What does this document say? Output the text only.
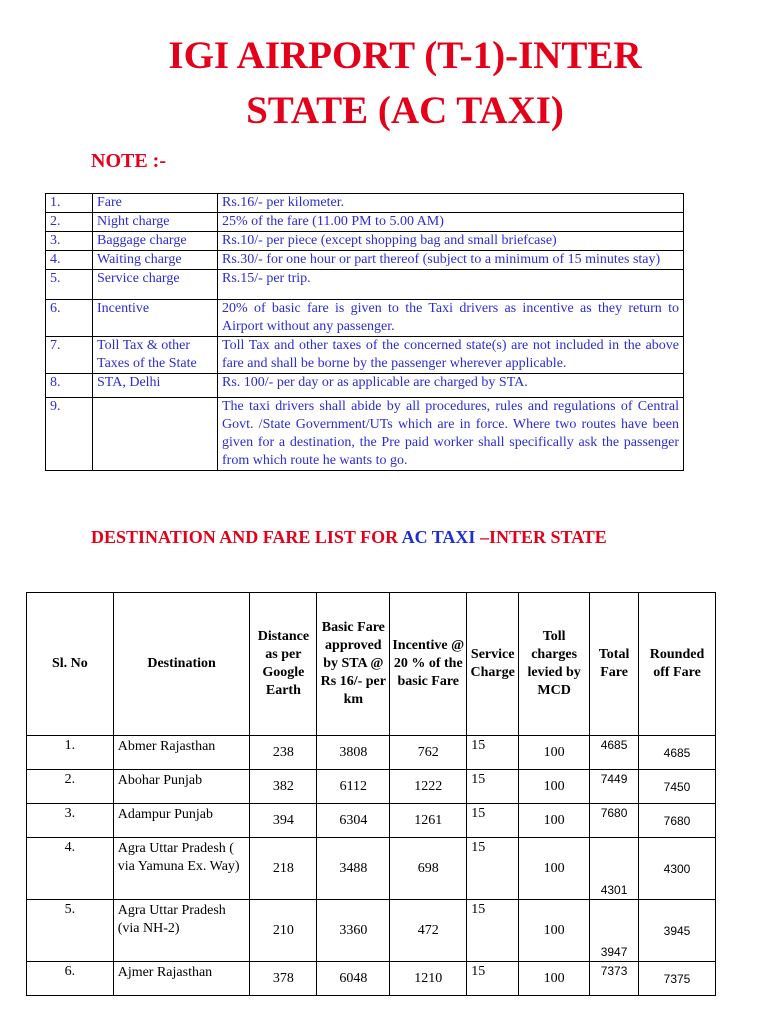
IGI AIRPORT (T-1)-INTER
STATE (AC TAXI)
NOTE :-
1.	Fare	Rs.16/- per kilometer.
2.	Night charge	25% of the fare (11.00 PM to 5.00 AM)
3.	Baggage charge	Rs.10/- per piece (except shopping bag and small briefcase)
4.	Waiting charge	Rs.30/- for one hour or part thereof (subject to a minimum of 15 minutes stay)
5.	Service charge	Rs.15/- per trip.
6.	Incentive	20% of basic fare is given to the Taxi drivers as incentive as they return to Airport without any passenger.
7.	Toll Tax & other Taxes of the State	Toll Tax and other taxes of the concerned state(s) are not included in the above fare and shall be borne by the passenger wherever applicable.
8.	STA, Delhi	Rs. 100/- per day or as applicable are charged by STA.
9.		The taxi drivers shall abide by all procedures, rules and regulations of Central Govt. /State Government/UTs which are in force. Where two routes have been given for a destination, the Pre paid worker shall specifically ask the passenger from which route he wants to go.
DESTINATION AND FARE LIST FOR AC TAXI –INTER STATE
Sl. No	Destination	Distance as per Google Earth	Basic Fare approved by STA @ Rs 16/- per km	Incentive @ 20 % of the basic Fare	Service Charge	Toll charges levied by MCD	Total Fare	Rounded off Fare
1.	Abmer Rajasthan	238	3808	762	15	100	4685	4685
2.	Abohar Punjab	382	6112	1222	15	100	7449	7450
3.	Adampur Punjab	394	6304	1261	15	100	7680	7680
4.	Agra Uttar Pradesh ( via Yamuna Ex. Way)	218	3488	698	15	100	4301	4300
5.	Agra Uttar Pradesh (via NH-2)	210	3360	472	15	100	3947	3945
6.	Ajmer Rajasthan	378	6048	1210	15	100	7373	7375
